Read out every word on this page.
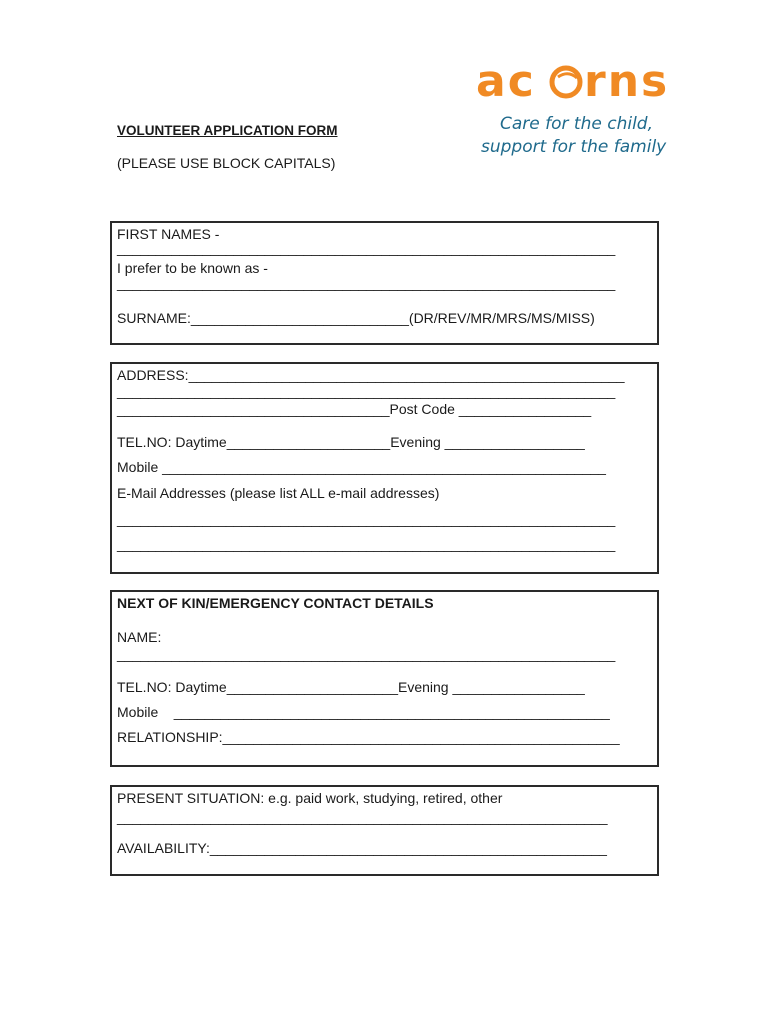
ac rns
Care for the child,
support for the family
VOLUNTEER APPLICATION FORM
(PLEASE USE BLOCK CAPITALS)
FIRST NAMES -
________________________________________________________________
I prefer to be known as -
________________________________________________________________
SURNAME:____________________________(DR/REV/MR/MRS/MS/MISS)
ADDRESS:________________________________________________________
________________________________________________________________
___________________________________Post Code _________________
TEL.NO: Daytime_____________________Evening __________________
Mobile _________________________________________________________
E-Mail Addresses (please list ALL e-mail addresses)
________________________________________________________________
________________________________________________________________
NEXT OF KIN/EMERGENCY CONTACT DETAILS
NAME:
________________________________________________________________
TEL.NO: Daytime______________________Evening _________________
Mobile    ________________________________________________________
RELATIONSHIP:___________________________________________________
PRESENT SITUATION: e.g. paid work, studying, retired, other
_______________________________________________________________
AVAILABILITY:___________________________________________________
